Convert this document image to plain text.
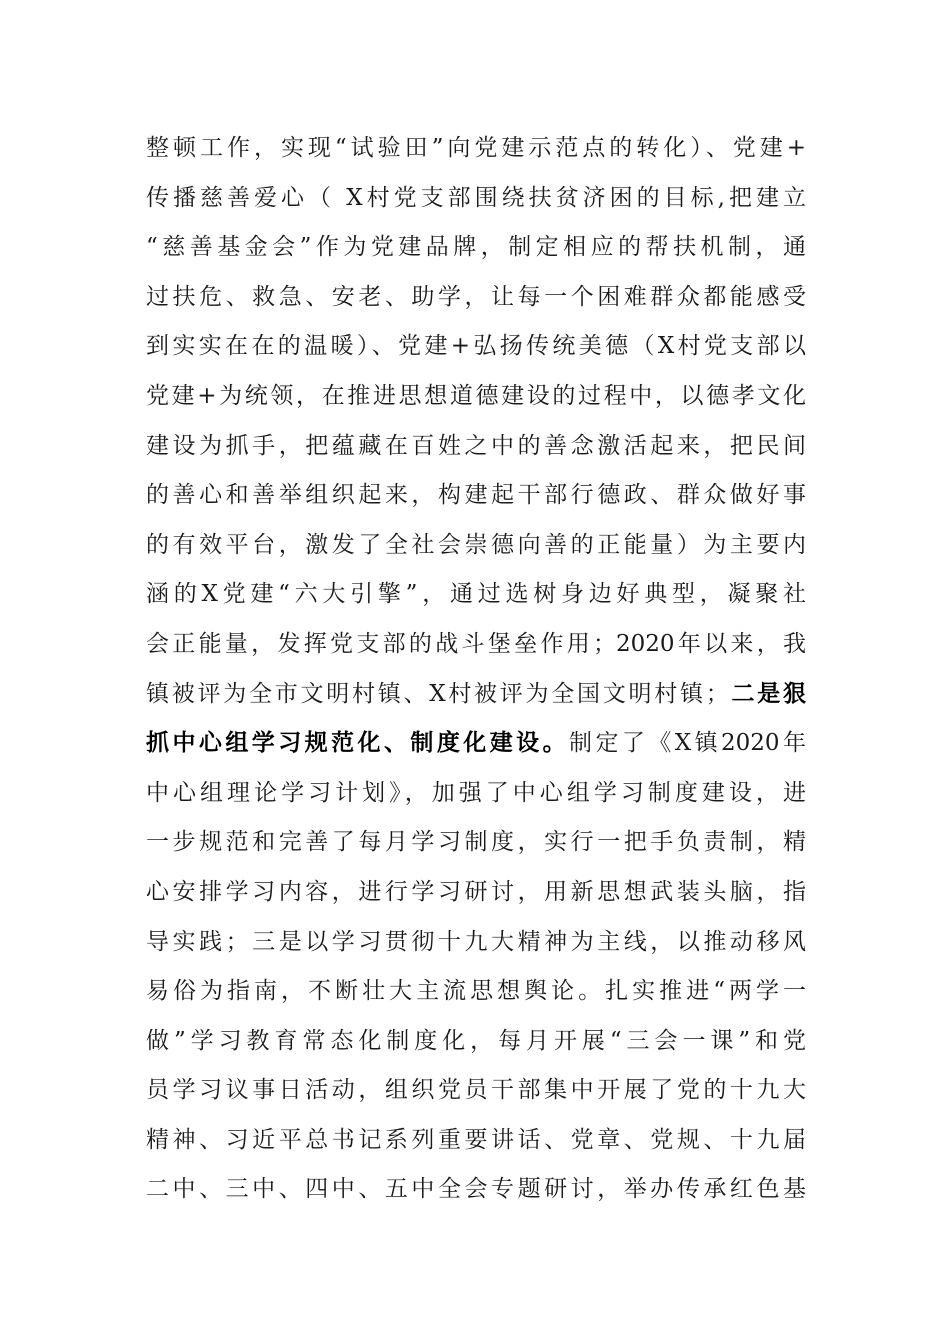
整顿工作，实现“试验田”向党建示范点的转化）、党建+
传播慈善爱心（ X村党支部围绕扶贫济困的目标,把建立
“慈善基金会”作为党建品牌，制定相应的帮扶机制，通
过扶危、救急、安老、助学，让每一个困难群众都能感受
到实实在在的温暖）、党建+弘扬传统美德（X村党支部以
党建+为统领，在推进思想道德建设的过程中，以德孝文化
建设为抓手，把蕴藏在百姓之中的善念激活起来，把民间
的善心和善举组织起来，构建起干部行德政、群众做好事
的有效平台，激发了全社会崇德向善的正能量）为主要内
涵的X党建“六大引擎”，通过选树身边好典型，凝聚社
会正能量，发挥党支部的战斗堡垒作用；2020年以来，我
镇被评为全市文明村镇、X村被评为全国文明村镇；二是狠
抓中心组学习规范化、制度化建设。制定了《X镇2020年
中心组理论学习计划》，加强了中心组学习制度建设，进
一步规范和完善了每月学习制度，实行一把手负责制，精
心安排学习内容，进行学习研讨，用新思想武装头脑，指
导实践；三是以学习贯彻十九大精神为主线，以推动移风
易俗为指南，不断壮大主流思想舆论。扎实推进“两学一
做”学习教育常态化制度化，每月开展“三会一课”和党
员学习议事日活动，组织党员干部集中开展了党的十九大
精神、习近平总书记系列重要讲话、党章、党规、十九届
二中、三中、四中、五中全会专题研讨，举办传承红色基
